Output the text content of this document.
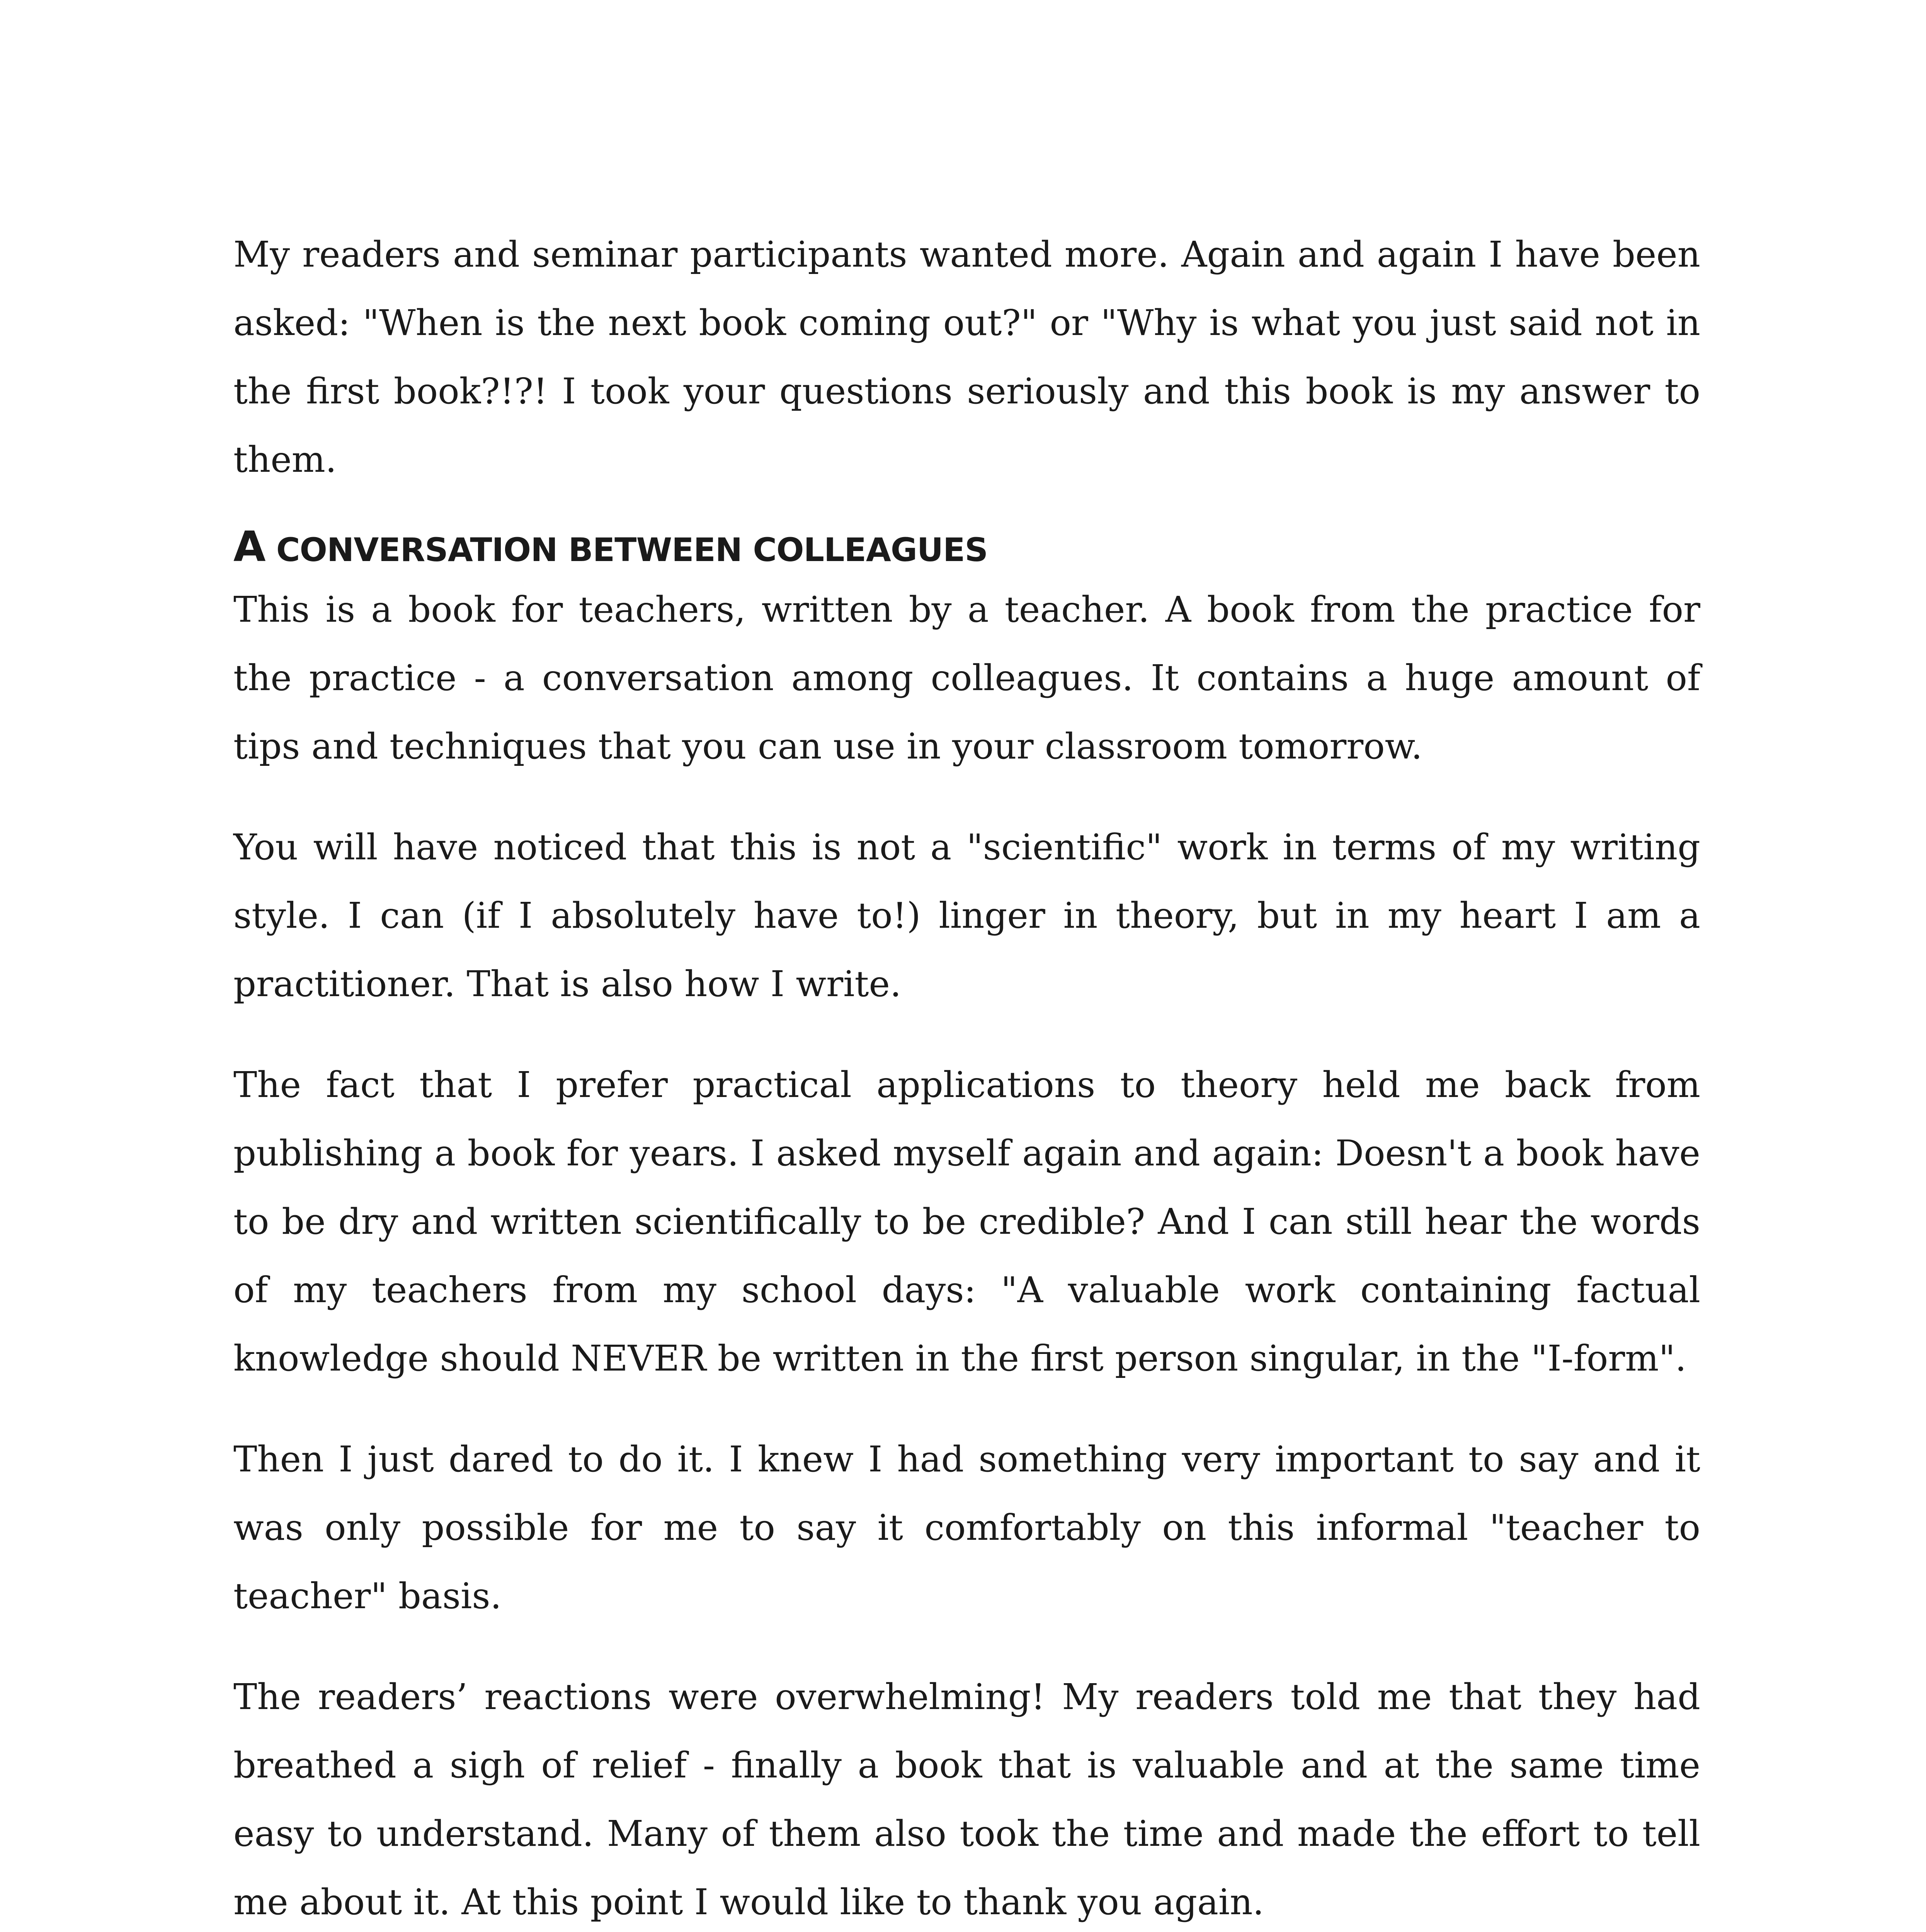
My readers and seminar participants wanted more. Again and again I have been asked: "When is the next book coming out?" or "Why is what you just said not in the first book?!?! I took your questions seriously and this book is my answer to them.

A CONVERSATION BETWEEN COLLEAGUES

This is a book for teachers, written by a teacher. A book from the practice for the practice - a conversation among colleagues. It contains a huge amount of tips and techniques that you can use in your classroom tomorrow.

You will have noticed that this is not a "scientific" work in terms of my writing style. I can (if I absolutely have to!) linger in theory, but in my heart I am a practitioner. That is also how I write.

The fact that I prefer practical applications to theory held me back from publishing a book for years. I asked myself again and again: Doesn't a book have to be dry and written scientifically to be credible? And I can still hear the words of my teachers from my school days: "A valuable work containing factual knowledge should NEVER be written in the first person singular, in the "I-form".

Then I just dared to do it. I knew I had something very important to say and it was only possible for me to say it comfortably on this informal "teacher to teacher" basis.

The readers’ reactions were overwhelming! My readers told me that they had breathed a sigh of relief - finally a book that is valuable and at the same time easy to understand. Many of them also took the time and made the effort to tell me about it. At this point I would like to thank you again.
